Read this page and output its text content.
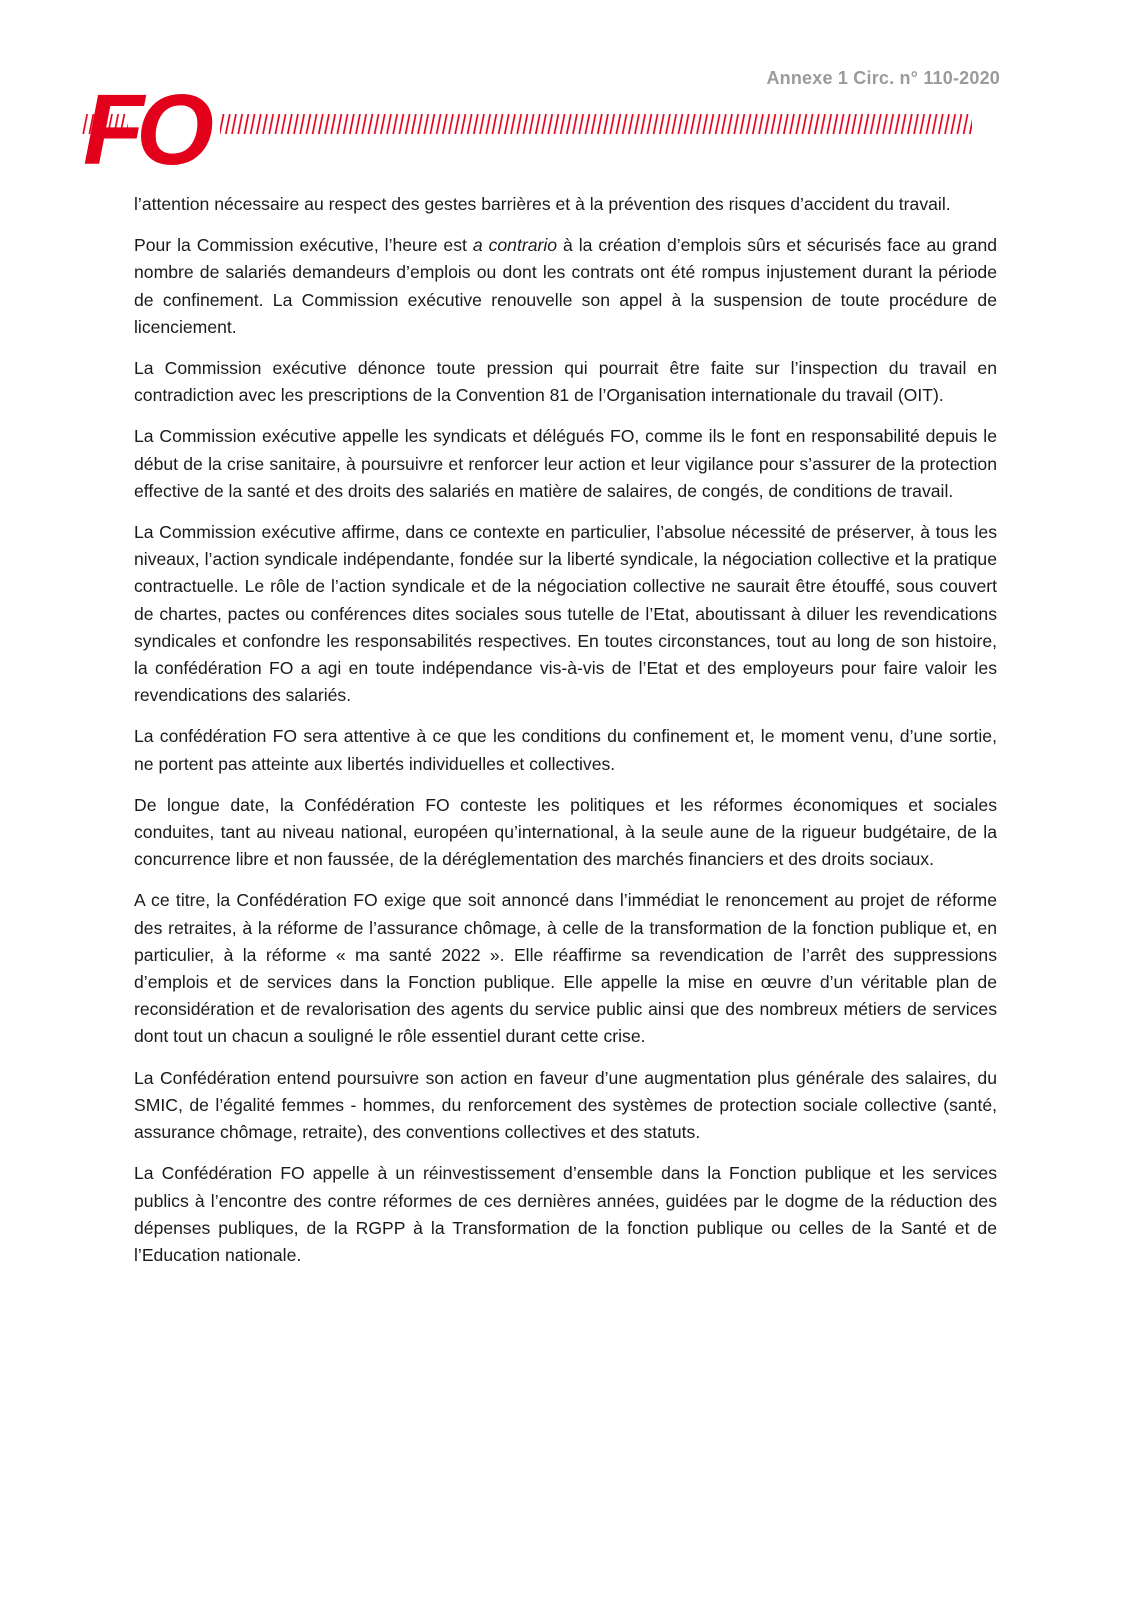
Annexe 1 Circ. n° 110-2020
FO

l’attention nécessaire au respect des gestes barrières et à la prévention des risques d’accident du travail.

Pour la Commission exécutive, l’heure est a contrario à la création d’emplois sûrs et sécurisés face au grand nombre de salariés demandeurs d’emplois ou dont les contrats ont été rompus injustement durant la période de confinement. La Commission exécutive renouvelle son appel à la suspension de toute procédure de licenciement.

La Commission exécutive dénonce toute pression qui pourrait être faite sur l’inspection du travail en contradiction avec les prescriptions de la Convention 81 de l’Organisation internationale du travail (OIT).

La Commission exécutive appelle les syndicats et délégués FO, comme ils le font en responsabilité depuis le début de la crise sanitaire, à poursuivre et renforcer leur action et leur vigilance pour s’assurer de la protection effective de la santé et des droits des salariés en matière de salaires, de congés, de conditions de travail.

La Commission exécutive affirme, dans ce contexte en particulier, l’absolue nécessité de préserver, à tous les niveaux, l’action syndicale indépendante, fondée sur la liberté syndicale, la négociation collective et la pratique contractuelle. Le rôle de l’action syndicale et de la négociation collective ne saurait être étouffé, sous couvert de chartes, pactes ou conférences dites sociales sous tutelle de l’Etat, aboutissant à diluer les revendications syndicales et confondre les responsabilités respectives. En toutes circonstances, tout au long de son histoire, la confédération FO a agi en toute indépendance vis-à-vis de l’Etat et des employeurs pour faire valoir les revendications des salariés.

La confédération FO sera attentive à ce que les conditions du confinement et, le moment venu, d’une sortie, ne portent pas atteinte aux libertés individuelles et collectives.

De longue date, la Confédération FO conteste les politiques et les réformes économiques et sociales conduites, tant au niveau national, européen qu’international, à la seule aune de la rigueur budgétaire, de la concurrence libre et non faussée, de la déréglementation des marchés financiers et des droits sociaux.

A ce titre, la Confédération FO exige que soit annoncé dans l’immédiat le renoncement au projet de réforme des retraites, à la réforme de l’assurance chômage, à celle de la transformation de la fonction publique et, en particulier, à la réforme « ma santé 2022 ». Elle réaffirme sa revendication de l’arrêt des suppressions d’emplois et de services dans la Fonction publique. Elle appelle la mise en œuvre d’un véritable plan de reconsidération et de revalorisation des agents du service public ainsi que des nombreux métiers de services dont tout un chacun a souligné le rôle essentiel durant cette crise.

La Confédération entend poursuivre son action en faveur d’une augmentation plus générale des salaires, du SMIC, de l’égalité femmes - hommes, du renforcement des systèmes de protection sociale collective (santé, assurance chômage, retraite), des conventions collectives et des statuts.

La Confédération FO appelle à un réinvestissement d’ensemble dans la Fonction publique et les services publics à l’encontre des contre réformes de ces dernières années, guidées par le dogme de la réduction des dépenses publiques, de la RGPP à la Transformation de la fonction publique ou celles de la Santé et de l’Education nationale.
